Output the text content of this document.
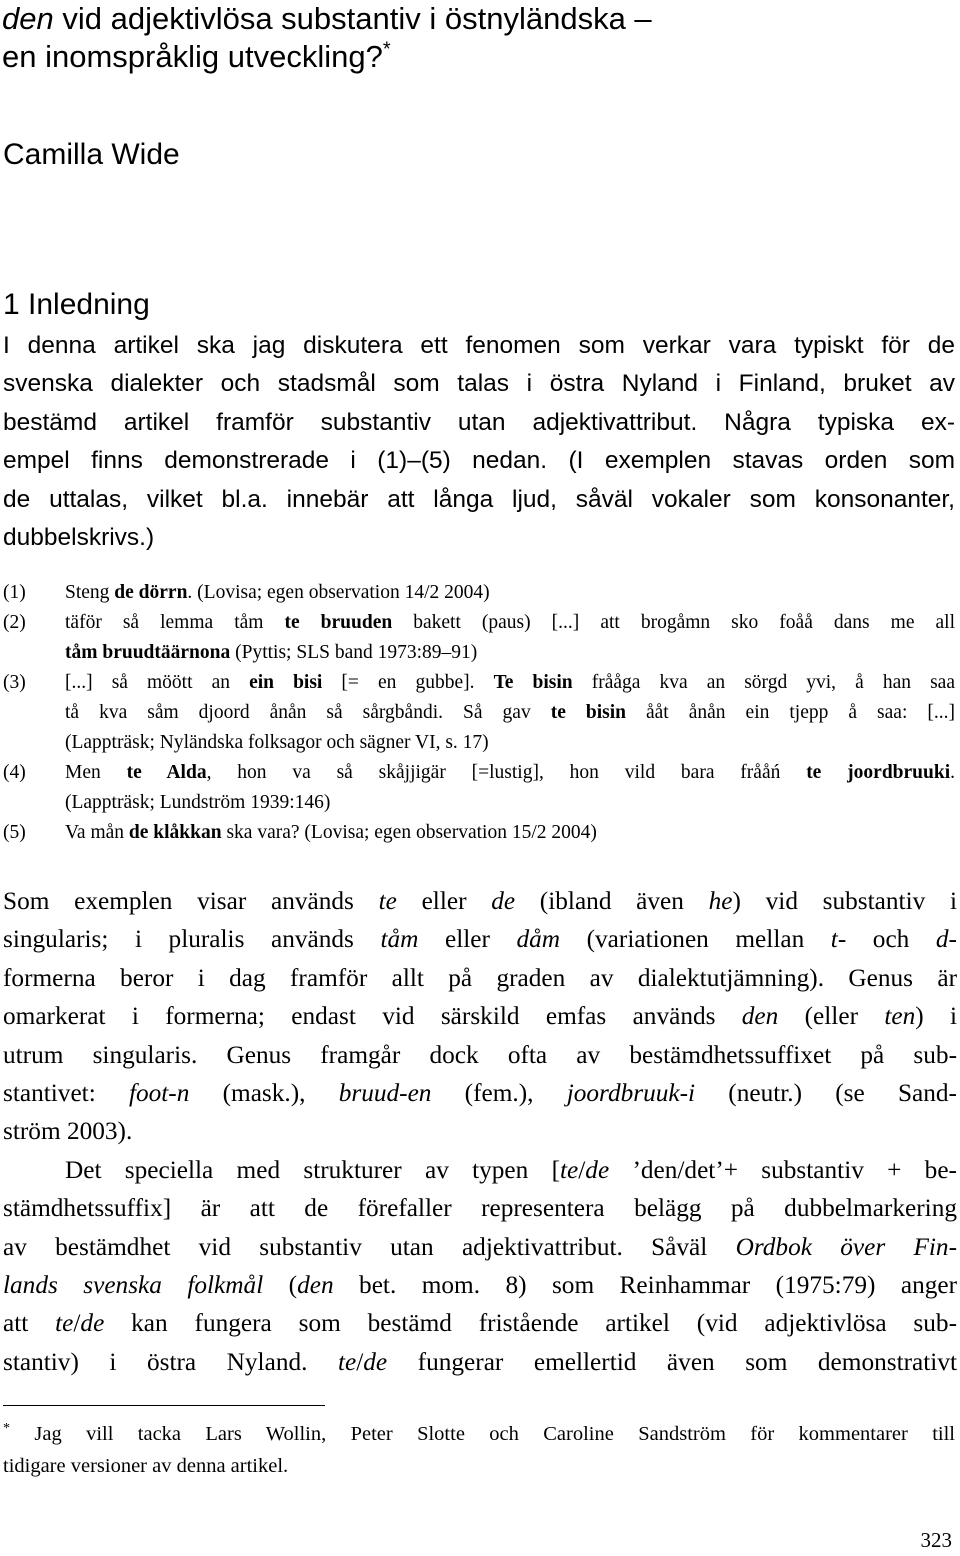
den vid adjektivlösa substantiv i östnyländska –
en inomspråklig utveckling?*
Camilla Wide
1 Inledning
I denna artikel ska jag diskutera ett fenomen som verkar vara typiskt för de
svenska dialekter och stadsmål som talas i östra Nyland i Finland, bruket av
bestämd artikel framför substantiv utan adjektivattribut. Några typiska ex-
empel finns demonstrerade i (1)–(5) nedan. (I exemplen stavas orden som
de uttalas, vilket bl.a. innebär att långa ljud, såväl vokaler som konsonanter,
dubbelskrivs.)
(1) Steng de dörrn. (Lovisa; egen observation 14/2 2004)
(2) täför så lemma tåm te bruuden bakett (paus) [...] att brogåmn sko foåå dans me all
tåm bruudtäärnona (Pyttis; SLS band 1973:89–91)
(3) [...] så möött an ein bisi [= en gubbe]. Te bisin frååga kva an sörgd yvi, å han saa
tå kva såm djoord ånån så sårgbåndi. Så gav te bisin ååt ånån ein tjepp å saa: [...]
(Lappträsk; Nyländska folksagor och sägner VI, s. 17)
(4) Men te Alda, hon va så skåjjigär [=lustig], hon vild bara frååń te joordbruuki.
(Lappträsk; Lundström 1939:146)
(5) Va mån de klåkkan ska vara? (Lovisa; egen observation 15/2 2004)
Som exemplen visar används te eller de (ibland även he) vid substantiv i
singularis; i pluralis används tåm eller dåm (variationen mellan t- och d-
formerna beror i dag framför allt på graden av dialektutjämning). Genus är
omarkerat i formerna; endast vid särskild emfas används den (eller ten) i
utrum singularis. Genus framgår dock ofta av bestämdhetssuffixet på sub-
stantivet: foot-n (mask.), bruud-en (fem.), joordbruuk-i (neutr.) (se Sand-
ström 2003).
Det speciella med strukturer av typen [te/de ’den/det’+ substantiv + be-
stämdhetssuffix] är att de förefaller representera belägg på dubbelmarkering
av bestämdhet vid substantiv utan adjektivattribut. Såväl Ordbok över Fin-
lands svenska folkmål (den bet. mom. 8) som Reinhammar (1975:79) anger
att te/de kan fungera som bestämd fristående artikel (vid adjektivlösa sub-
stantiv) i östra Nyland. te/de fungerar emellertid även som demonstrativt
* Jag vill tacka Lars Wollin, Peter Slotte och Caroline Sandström för kommentarer till
tidigare versioner av denna artikel.
323
